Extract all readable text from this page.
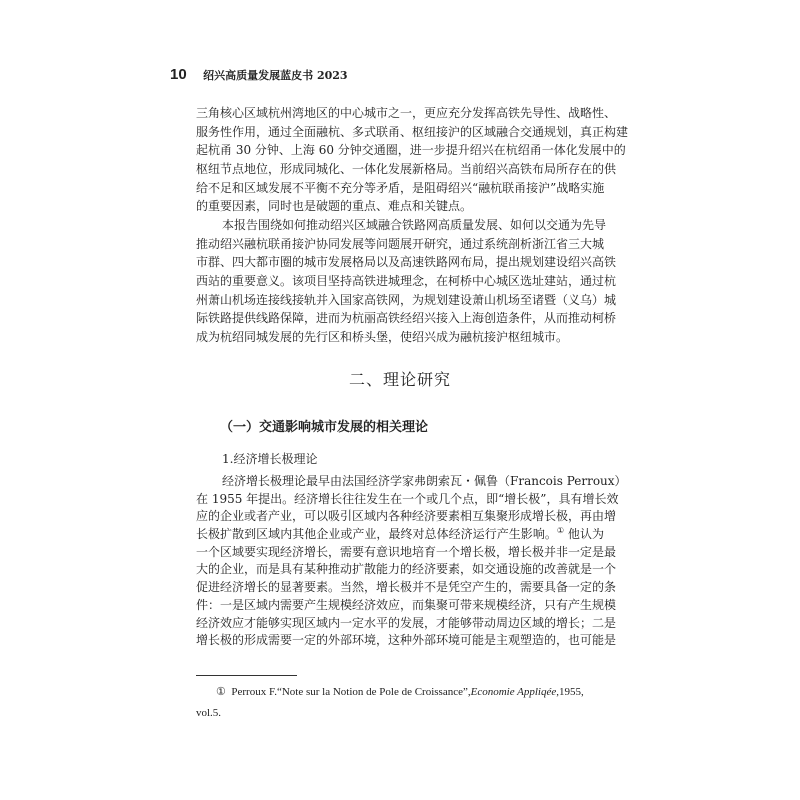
10 绍兴高质量发展蓝皮书 2023
三角核心区域杭州湾地区的中心城市之一，更应充分发挥高铁先导性、战略性、
服务性作用，通过全面融杭、多式联甬、枢纽接沪的区域融合交通规划，真正构建
起杭甬 30 分钟、上海 60 分钟交通圈，进一步提升绍兴在杭绍甬一体化发展中的
枢纽节点地位，形成同城化、一体化发展新格局。当前绍兴高铁布局所存在的供
给不足和区域发展不平衡不充分等矛盾，是阻碍绍兴“融杭联甬接沪”战略实施
的重要因素，同时也是破题的重点、难点和关键点。
本报告围绕如何推动绍兴区域融合铁路网高质量发展、如何以交通为先导
推动绍兴融杭联甬接沪协同发展等问题展开研究，通过系统剖析浙江省三大城
市群、四大都市圈的城市发展格局以及高速铁路网布局，提出规划建设绍兴高铁
西站的重要意义。该项目坚持高铁进城理念，在柯桥中心城区选址建站，通过杭
州萧山机场连接线接轨并入国家高铁网，为规划建设萧山机场至诸暨（义乌）城
际铁路提供线路保障，进而为杭丽高铁经绍兴接入上海创造条件，从而推动柯桥
成为杭绍同城发展的先行区和桥头堡，使绍兴成为融杭接沪枢纽城市。
二、理论研究
（一）交通影响城市发展的相关理论
1.经济增长极理论
经济增长极理论最早由法国经济学家弗朗索瓦・佩鲁（Francois Perroux）
在 1955 年提出。经济增长往往发生在一个或几个点，即“增长极”，具有增长效
应的企业或者产业，可以吸引区域内各种经济要素相互集聚形成增长极，再由增
长极扩散到区域内其他企业或产业，最终对总体经济运行产生影响。① 他认为
一个区域要实现经济增长，需要有意识地培育一个增长极，增长极并非一定是最
大的企业，而是具有某种推动扩散能力的经济要素，如交通设施的改善就是一个
促进经济增长的显著要素。当然，增长极并不是凭空产生的，需要具备一定的条
件：一是区域内需要产生规模经济效应，而集聚可带来规模经济，只有产生规模
经济效应才能够实现区域内一定水平的发展，才能够带动周边区域的增长；二是
增长极的形成需要一定的外部环境，这种外部环境可能是主观塑造的，也可能是
① Perroux F.“Note sur la Notion de Pole de Croissance”,Economie Appliqée,1955,
vol.5.
